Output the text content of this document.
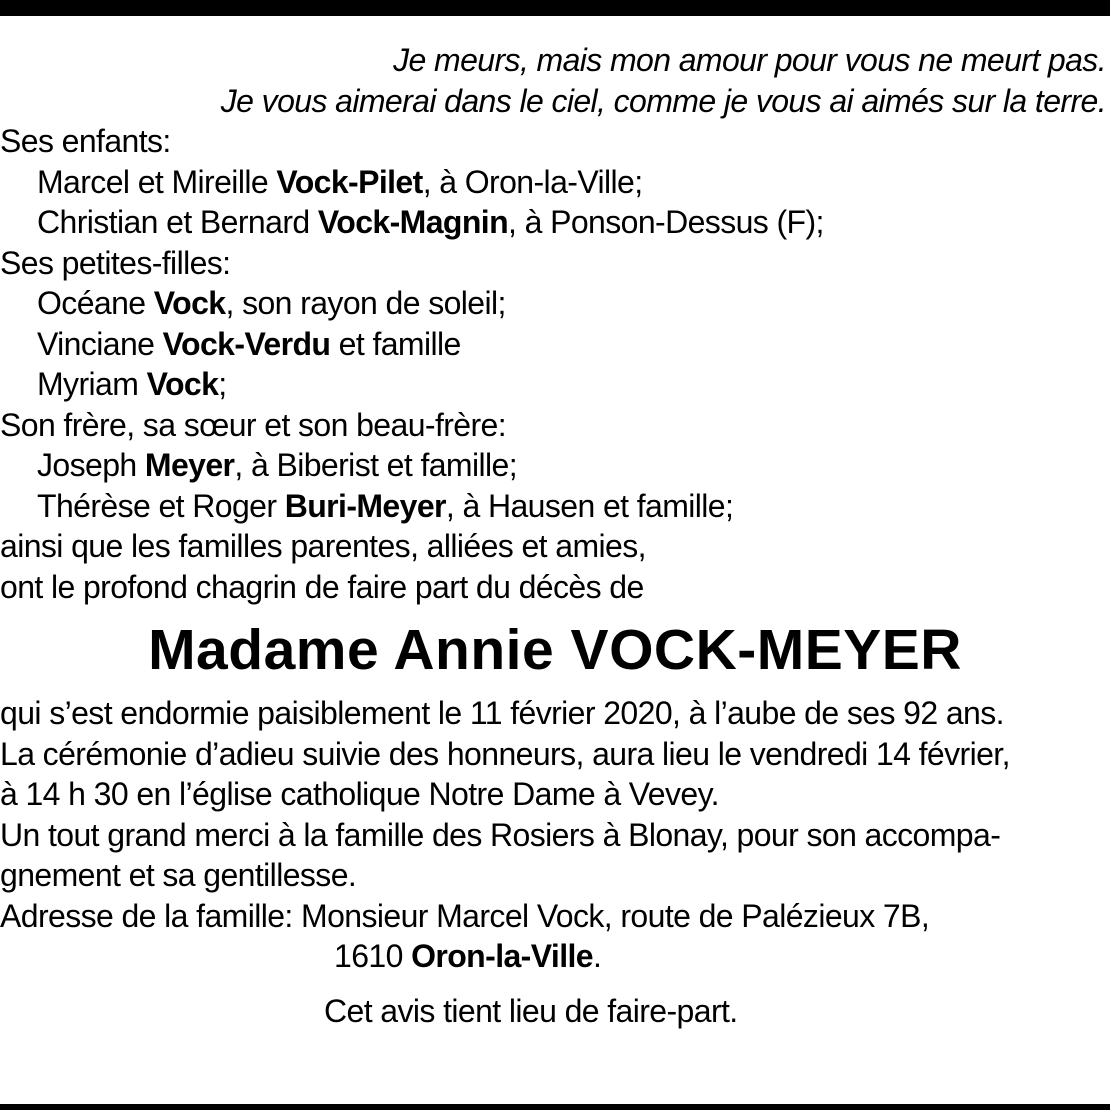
Je meurs, mais mon amour pour vous ne meurt pas.
Je vous aimerai dans le ciel, comme je vous ai aimés sur la terre.
Ses enfants:
Marcel et Mireille Vock-Pilet, à Oron-la-Ville;
Christian et Bernard Vock-Magnin, à Ponson-Dessus (F);
Ses petites-filles:
Océane Vock, son rayon de soleil;
Vinciane Vock-Verdu et famille
Myriam Vock;
Son frère, sa sœur et son beau-frère:
Joseph Meyer, à Biberist et famille;
Thérèse et Roger Buri-Meyer, à Hausen et famille;
ainsi que les familles parentes, alliées et amies,
ont le profond chagrin de faire part du décès de
Madame Annie VOCK-MEYER
qui s’est endormie paisiblement le 11 février 2020, à l’aube de ses 92 ans.
La cérémonie d’adieu suivie des honneurs, aura lieu le vendredi 14 février,
à 14 h 30 en l’église catholique Notre Dame à Vevey.
Un tout grand merci à la famille des Rosiers à Blonay, pour son accompa-
gnement et sa gentillesse.
Adresse de la famille: Monsieur Marcel Vock, route de Palézieux 7B,
1610 Oron-la-Ville.
Cet avis tient lieu de faire-part.
